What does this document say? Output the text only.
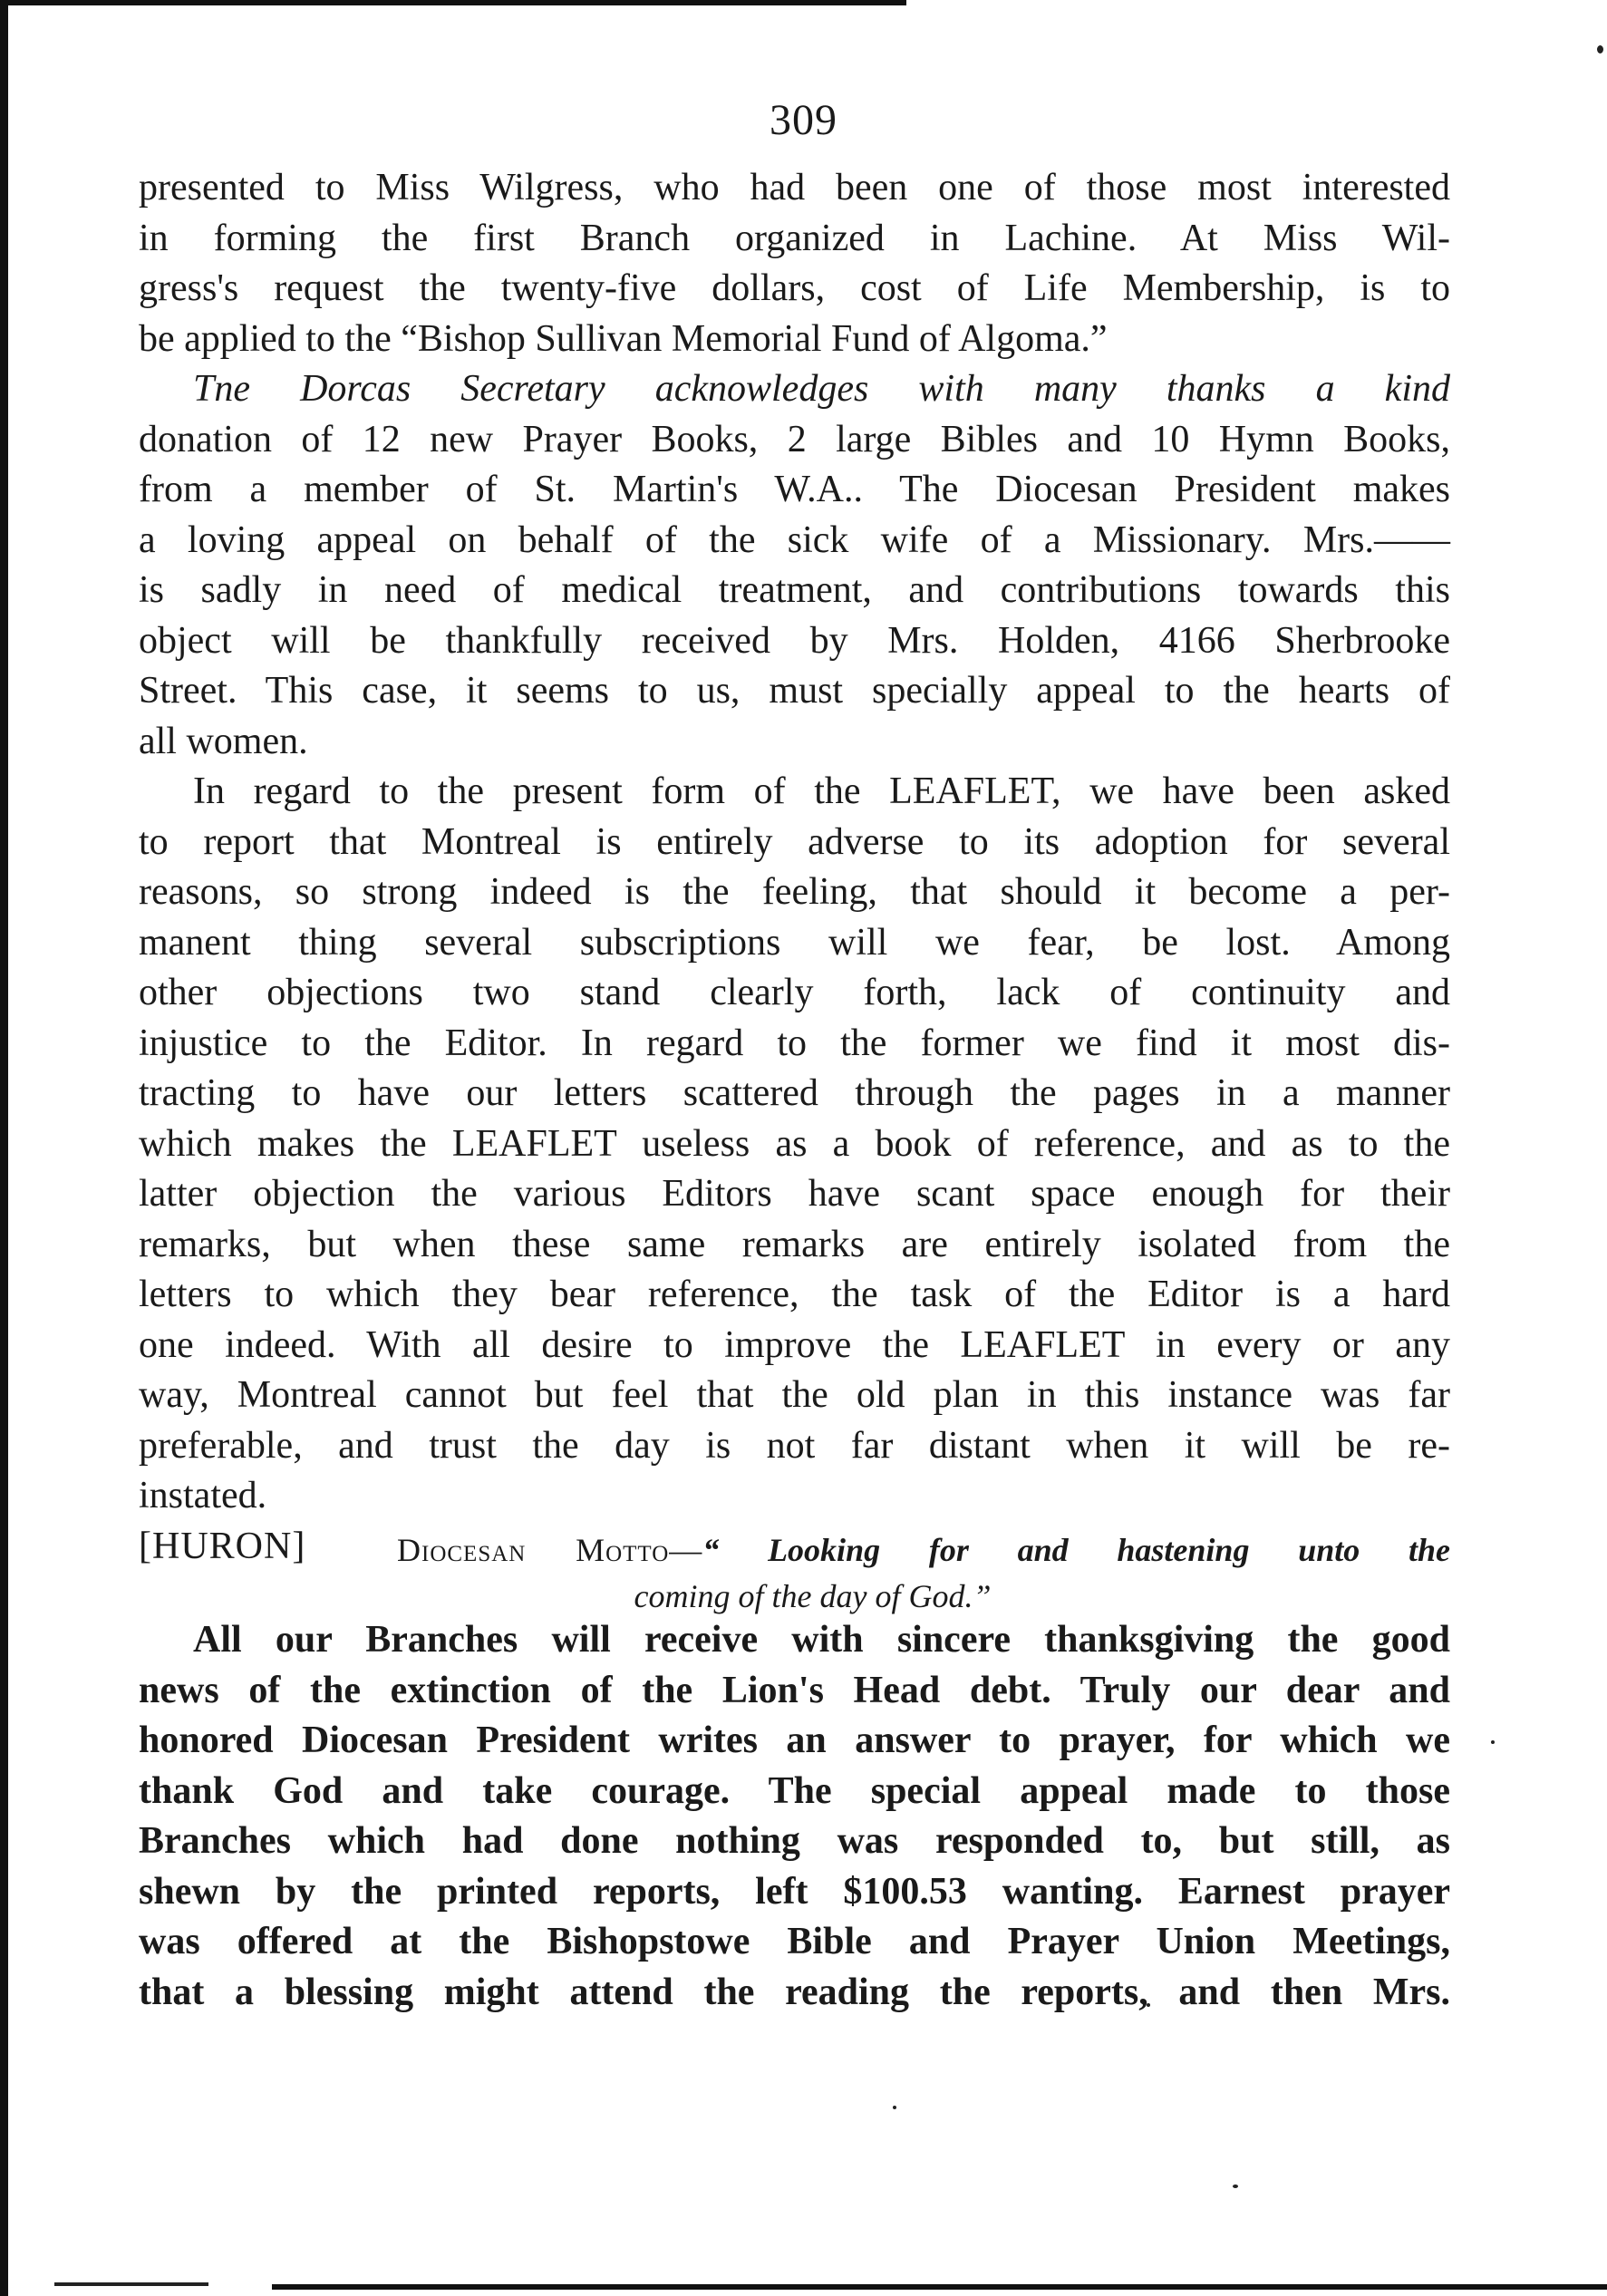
309
presented to Miss Wilgress, who had been one of those most interested
in forming the first Branch organized in Lachine. At Miss Wil-
gress's request the twenty-five dollars, cost of Life Membership, is to
be applied to the “Bishop Sullivan Memorial Fund of Algoma.”
Tne Dorcas Secretary acknowledges with many thanks a kind
donation of 12 new Prayer Books, 2 large Bibles and 10 Hymn Books,
from a member of St. Martin's W.A.. The Diocesan President makes
a loving appeal on behalf of the sick wife of a Missionary. Mrs.——
is sadly in need of medical treatment, and contributions towards this
object will be thankfully received by Mrs. Holden, 4166 Sherbrooke
Street. This case, it seems to us, must specially appeal to the hearts of
all women.
In regard to the present form of the LEAFLET, we have been asked
to report that Montreal is entirely adverse to its adoption for several
reasons, so strong indeed is the feeling, that should it become a per-
manent thing several subscriptions will we fear, be lost. Among
other objections two stand clearly forth, lack of continuity and
injustice to the Editor. In regard to the former we find it most dis-
tracting to have our letters scattered through the pages in a manner
which makes the LEAFLET useless as a book of reference, and as to the
latter objection the various Editors have scant space enough for their
remarks, but when these same remarks are entirely isolated from the
letters to which they bear reference, the task of the Editor is a hard
one indeed. With all desire to improve the LEAFLET in every or any
way, Montreal cannot but feel that the old plan in this instance was far
preferable, and trust the day is not far distant when it will be re-
instated.
[HURON]	Diocesan Motto—“ Looking for and hastening unto the
coming of the day of God.”
All our Branches will receive with sincere thanksgiving the good
news of the extinction of the Lion's Head debt. Truly our dear and
honored Diocesan President writes an answer to prayer, for which we
thank God and take courage. The special appeal made to those
Branches which had done nothing was responded to, but still, as
shewn by the printed reports, left $100.53 wanting. Earnest prayer
was offered at the Bishopstowe Bible and Prayer Union Meetings,
that a blessing might attend the reading the reports, and then Mrs.
